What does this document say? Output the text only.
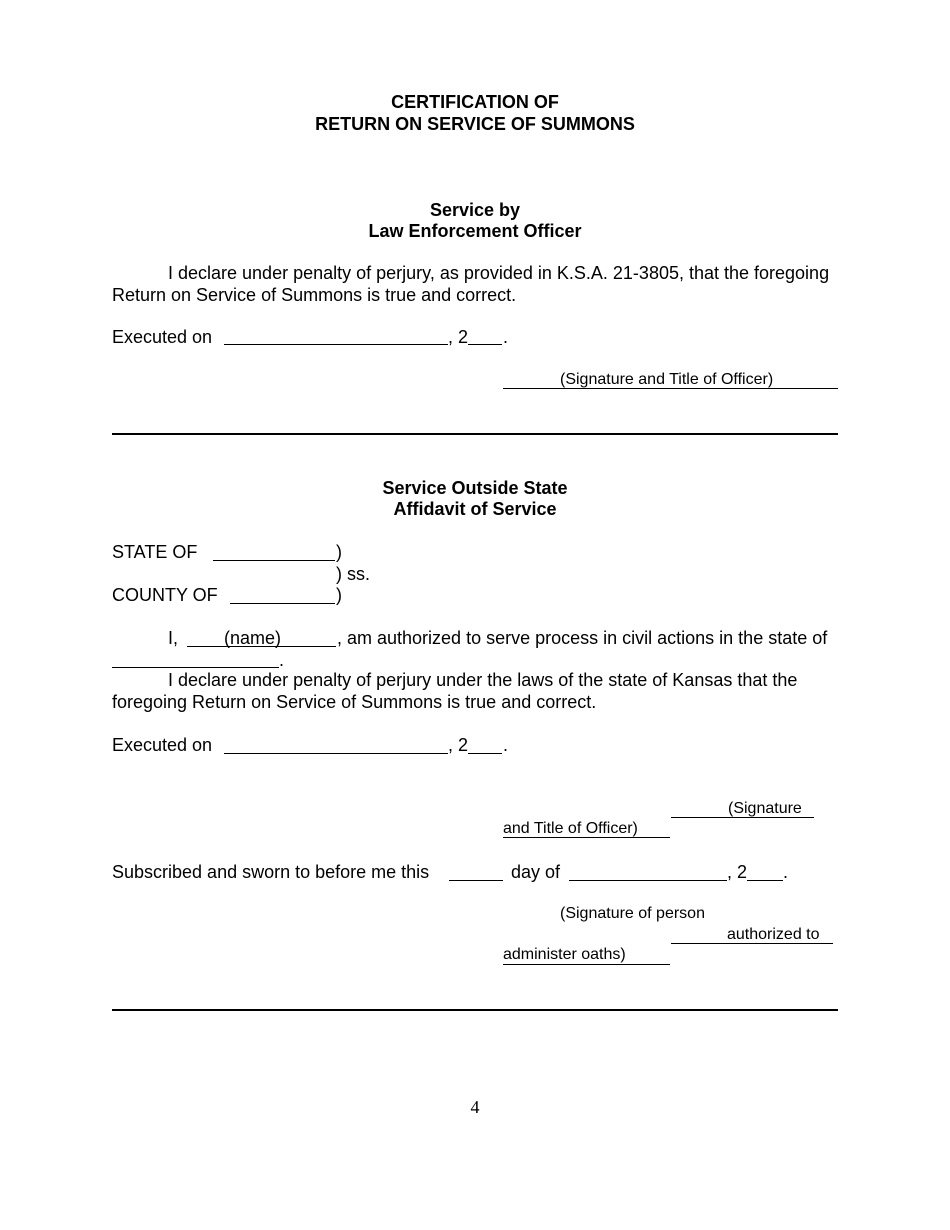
CERTIFICATION OF
RETURN ON SERVICE OF SUMMONS
Service by
Law Enforcement Officer
I declare under penalty of perjury, as provided in K.S.A. 21-3805, that the foregoing
Return on Service of Summons is true and correct.
Executed on	, 2 .
(Signature and Title of Officer)
Service Outside State
Affidavit of Service
STATE OF	)
) ss.
COUNTY OF	)
I,	(name)	, am authorized to serve process in civil actions in the state of
.
I declare under penalty of perjury under the laws of the state of Kansas that the
foregoing Return on Service of Summons is true and correct.
Executed on	, 2 .
(Signature
and Title of Officer)
Subscribed and sworn to before me this	day of	, 2 .
(Signature of person
authorized to
administer oaths)
4
